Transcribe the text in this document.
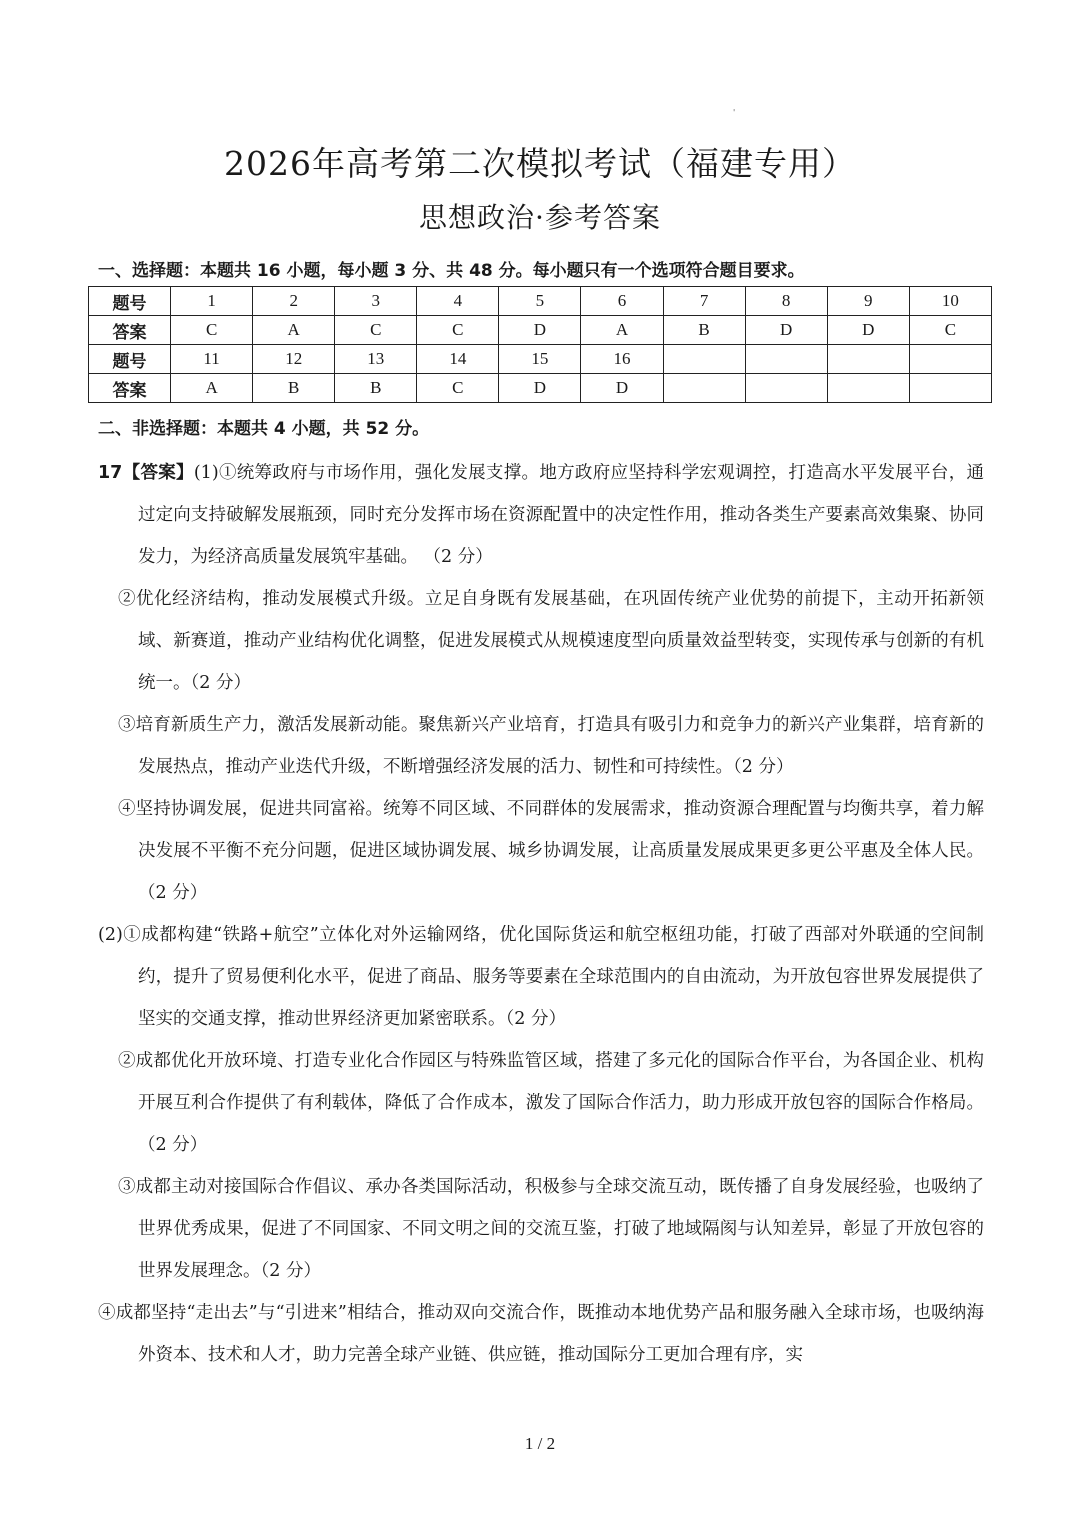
'
2026年高考第二次模拟考试（福建专用）
思想政治·参考答案
一、选择题：本题共 16 小题，每小题 3 分、共 48 分。每小题只有一个选项符合题目要求。
题号	1	2	3	4	5	6	7	8	9	10
答案	C	A	C	C	D	A	B	D	D	C
题号	11	12	13	14	15	16				
答案	A	B	B	C	D	D				
二、非选择题：本题共 4 小题，共 52 分。
17【答案】(1)①统筹政府与市场作用，强化发展支撑。地方政府应坚持科学宏观调控，打造高水平发展平台，通过定向支持破解发展瓶颈，同时充分发挥市场在资源配置中的决定性作用，推动各类生产要素高效集聚、协同发力，为经济高质量发展筑牢基础。 （2 分）
②优化经济结构，推动发展模式升级。立足自身既有发展基础，在巩固传统产业优势的前提下，主动开拓新领域、新赛道，推动产业结构优化调整，促进发展模式从规模速度型向质量效益型转变，实现传承与创新的有机统一。（2 分）
③培育新质生产力，激活发展新动能。聚焦新兴产业培育，打造具有吸引力和竞争力的新兴产业集群，培育新的发展热点，推动产业迭代升级，不断增强经济发展的活力、韧性和可持续性。（2 分）
④坚持协调发展，促进共同富裕。统筹不同区域、不同群体的发展需求，推动资源合理配置与均衡共享，着力解决发展不平衡不充分问题，促进区域协调发展、城乡协调发展，让高质量发展成果更多更公平惠及全体人民。（2 分）
(2)①成都构建“铁路+航空”立体化对外运输网络，优化国际货运和航空枢纽功能，打破了西部对外联通的空间制约，提升了贸易便利化水平，促进了商品、服务等要素在全球范围内的自由流动，为开放包容世界发展提供了坚实的交通支撑，推动世界经济更加紧密联系。（2 分）
②成都优化开放环境、打造专业化合作园区与特殊监管区域，搭建了多元化的国际合作平台，为各国企业、机构开展互利合作提供了有利载体，降低了合作成本，激发了国际合作活力，助力形成开放包容的国际合作格局。（2 分）
③成都主动对接国际合作倡议、承办各类国际活动，积极参与全球交流互动，既传播了自身发展经验，也吸纳了世界优秀成果，促进了不同国家、不同文明之间的交流互鉴，打破了地域隔阂与认知差异，彰显了开放包容的世界发展理念。（2 分）
④成都坚持“走出去”与“引进来”相结合，推动双向交流合作，既推动本地优势产品和服务融入全球市场，也吸纳海外资本、技术和人才，助力完善全球产业链、供应链，推动国际分工更加合理有序，实
1 / 2
